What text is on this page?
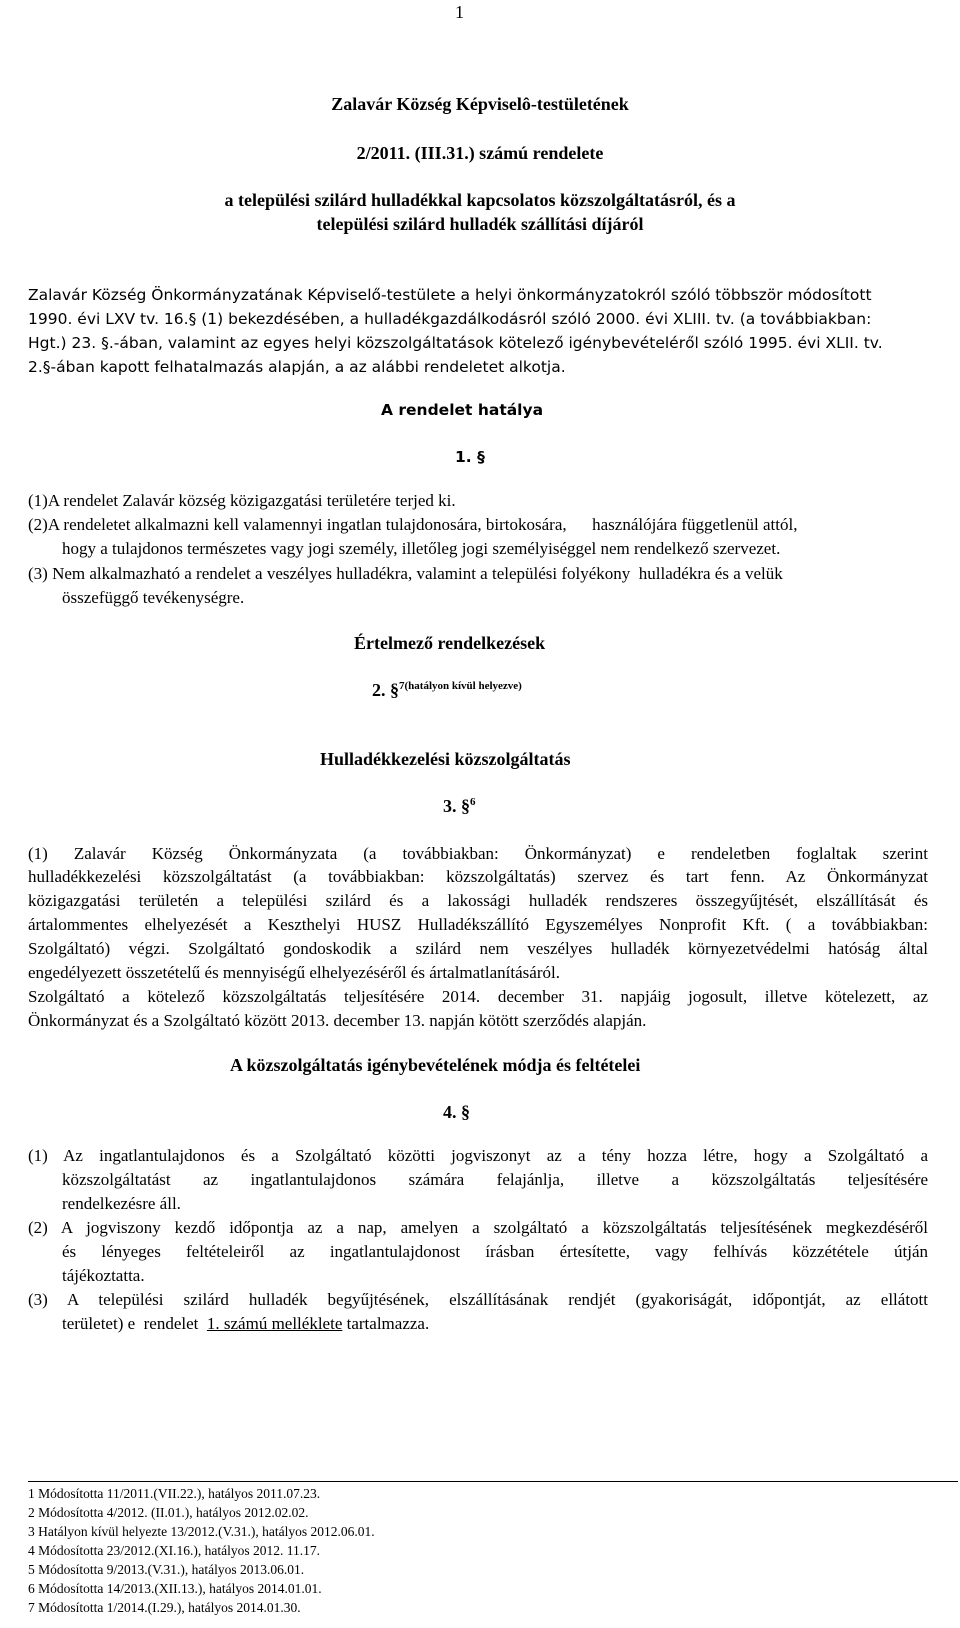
1
Zalavár Község Képviselô-testületének
2/2011. (III.31.) számú rendelete
a települési szilárd hulladékkal kapcsolatos közszolgáltatásról, és a
települési szilárd hulladék szállítási díjáról
Zalavár Község Önkormányzatának Képviselő-testülete a helyi önkormányzatokról szóló többször módosított
1990. évi LXV tv. 16.§ (1) bekezdésében, a hulladékgazdálkodásról szóló 2000. évi XLIII. tv. (a továbbiakban:
Hgt.) 23. §.-ában, valamint az egyes helyi közszolgáltatások kötelező igénybevételéről szóló 1995. évi XLII. tv.
2.§-ában kapott felhatalmazás alapján, a az alábbi rendeletet alkotja.
A rendelet hatálya
1. §
(1)A rendelet Zalavár község közigazgatási területére terjed ki.
(2)A rendeletet alkalmazni kell valamennyi ingatlan tulajdonosára, birtokosára,      használójára függetlenül attól,
hogy a tulajdonos természetes vagy jogi személy, illetőleg jogi személyiséggel nem rendelkező szervezet.
(3) Nem alkalmazható a rendelet a veszélyes hulladékra, valamint a települési folyékony  hulladékra és a velük
összefüggő tevékenységre.
Értelmező rendelkezések
2. §$^{7(hatályon kívül helyezve)}$
Hulladékkezelési közszolgáltatás
3. §$^6$
(1) Zalavár Község Önkormányzata (a továbbiakban: Önkormányzat) e rendeletben foglaltak szerint
hulladékkezelési közszolgáltatást (a továbbiakban: közszolgáltatás) szervez és tart fenn. Az Önkormányzat
közigazgatási területén a települési szilárd és a lakossági hulladék rendszeres összegyűjtését, elszállítását és
ártalommentes elhelyezését a Keszthelyi HUSZ Hulladékszállító Egyszemélyes Nonprofit Kft. ( a továbbiakban:
Szolgáltató) végzi. Szolgáltató gondoskodik a szilárd nem veszélyes hulladék környezetvédelmi hatóság által
engedélyezett összetételű és mennyiségű elhelyezéséről és ártalmatlanításáról.
Szolgáltató a kötelező közszolgáltatás teljesítésére 2014. december 31. napjáig jogosult, illetve kötelezett, az
Önkormányzat és a Szolgáltató között 2013. december 13. napján kötött szerződés alapján.
A közszolgáltatás igénybevételének módja és feltételei
4. §
(1) Az ingatlantulajdonos és a Szolgáltató közötti jogviszonyt az a tény hozza létre, hogy a Szolgáltató a
közszolgáltatást az ingatlantulajdonos számára felajánlja, illetve a közszolgáltatás teljesítésére
rendelkezésre áll.
(2) A jogviszony kezdő időpontja az a nap, amelyen a szolgáltató a közszolgáltatás teljesítésének megkezdéséről
és lényeges feltételeiről az ingatlantulajdonost írásban értesítette, vagy felhívás közzététele útján
tájékoztatta.
(3) A települési szilárd hulladék begyűjtésének, elszállításának rendjét (gyakoriságát, időpontját, az ellátott
területet) e  rendelet  1. számú melléklete tartalmazza.
1 Módosította 11/2011.(VII.22.), hatályos 2011.07.23.
2 Módosította 4/2012. (II.01.), hatályos 2012.02.02.
3 Hatályon kívül helyezte 13/2012.(V.31.), hatályos 2012.06.01.
4 Módosította 23/2012.(XI.16.), hatályos 2012. 11.17.
5 Módosította 9/2013.(V.31.), hatályos 2013.06.01.
6 Módosította 14/2013.(XII.13.), hatályos 2014.01.01.
7 Módosította 1/2014.(I.29.), hatályos 2014.01.30.
